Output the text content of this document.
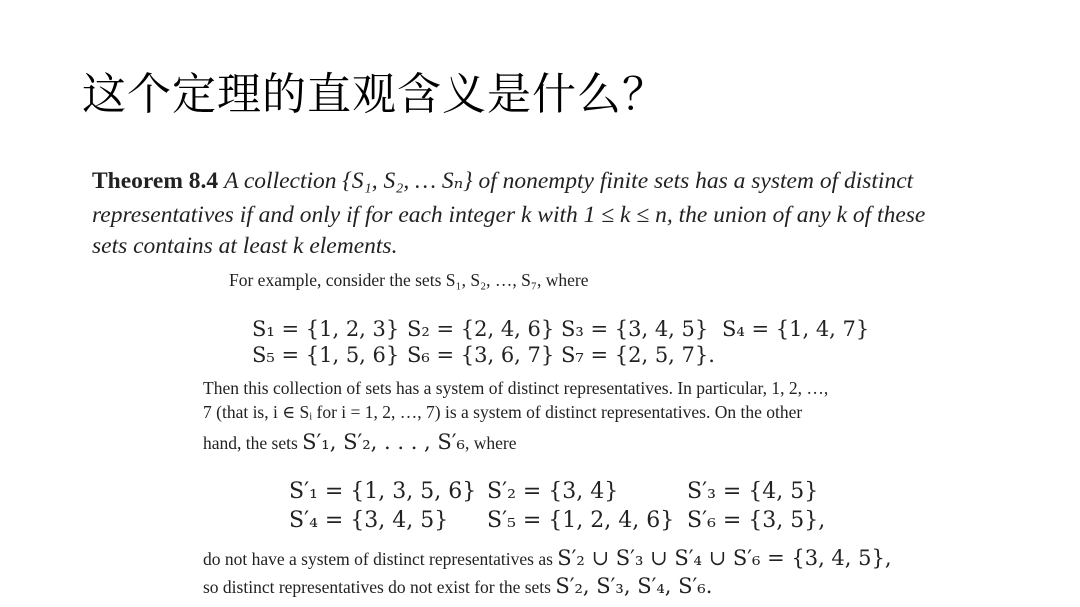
这个定理的直观含义是什么？
Theorem 8.4 A collection {S₁, S₂, … Sₙ} of nonempty finite sets has a system of distinct
representatives if and only if for each integer k with 1 ≤ k ≤ n, the union of any k of these
sets contains at least k elements.
For example, consider the sets S₁, S₂, …, S₇, where
S₁ = {1, 2, 3} S₂ = {2, 4, 6} S₃ = {3, 4, 5} S₄ = {1, 4, 7}
S₅ = {1, 5, 6} S₆ = {3, 6, 7} S₇ = {2, 5, 7}.
Then this collection of sets has a system of distinct representatives. In particular, 1, 2, …,
7 (that is, i ∈ Sᵢ for i = 1, 2, …, 7) is a system of distinct representatives. On the other
hand, the sets S′₁, S′₂, . . . , S′₆, where
S′₁ = {1, 3, 5, 6} S′₂ = {3, 4}	S′₃ = {4, 5}
S′₄ = {3, 4, 5} S′₅ = {1, 2, 4, 6} S′₆ = {3, 5},
do not have a system of distinct representatives as S′₂ ∪ S′₃ ∪ S′₄ ∪ S′₆ = {3, 4, 5},
so distinct representatives do not exist for the sets S′₂, S′₃, S′₄, S′₆.
